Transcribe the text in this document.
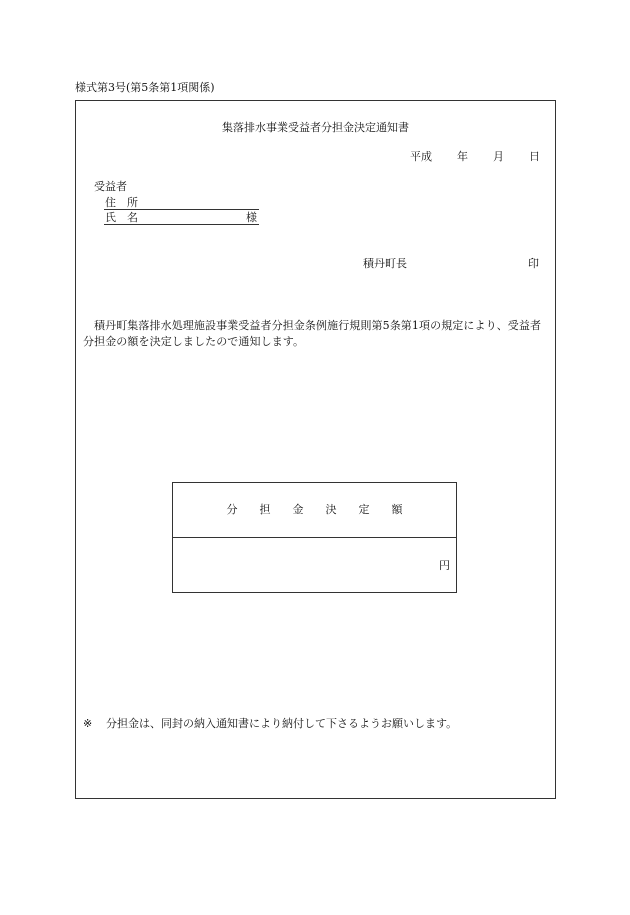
様式第3号(第5条第1項関係)
集落排水事業受益者分担金決定通知書
平成 年 月 日
受益者
住　所
氏　名	様
積丹町長	印
積丹町集落排水処理施設事業受益者分担金条例施行規則第5条第1項の規定により、受益者分担金の額を決定しましたので通知します。
分担金決定額
円
※ 分担金は、同封の納入通知書により納付して下さるようお願いします。
